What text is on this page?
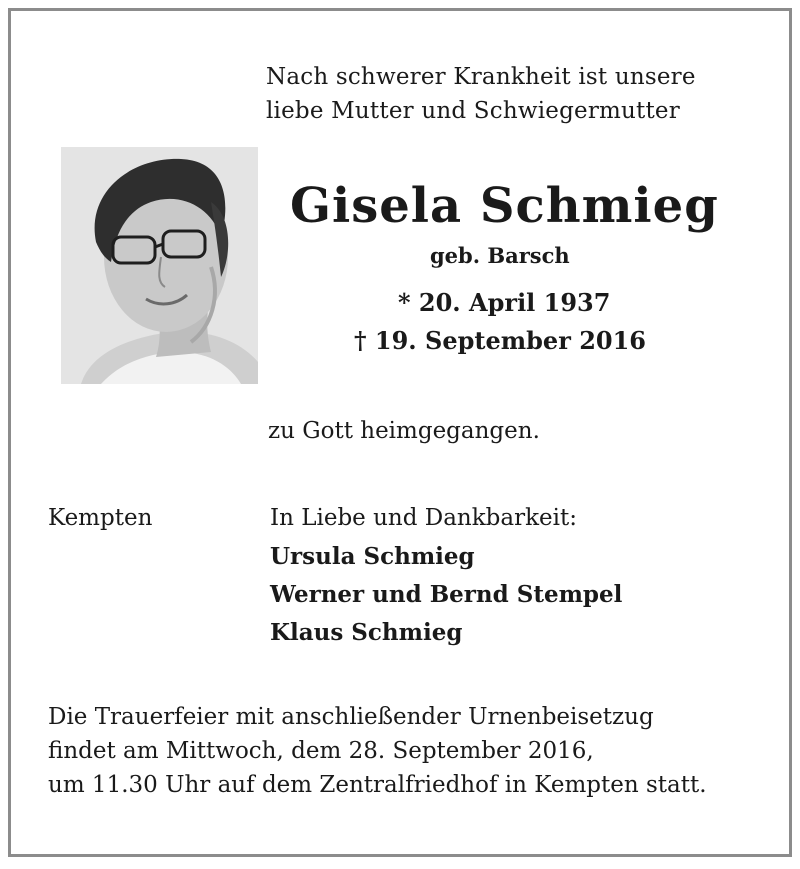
Nach schwerer Krankheit ist unsere
liebe Mutter und Schwiegermutter
Gisela Schmieg
geb. Barsch
* 20. April 1937
† 19. September 2016
zu Gott heimgegangen.
Kempten	In Liebe und Dankbarkeit:
Ursula Schmieg
Werner und Bernd Stempel
Klaus Schmieg
Die Trauerfeier mit anschließender Urnenbeisetzug
findet am Mittwoch, dem 28. September 2016,
um 11.30 Uhr auf dem Zentralfriedhof in Kempten statt.
